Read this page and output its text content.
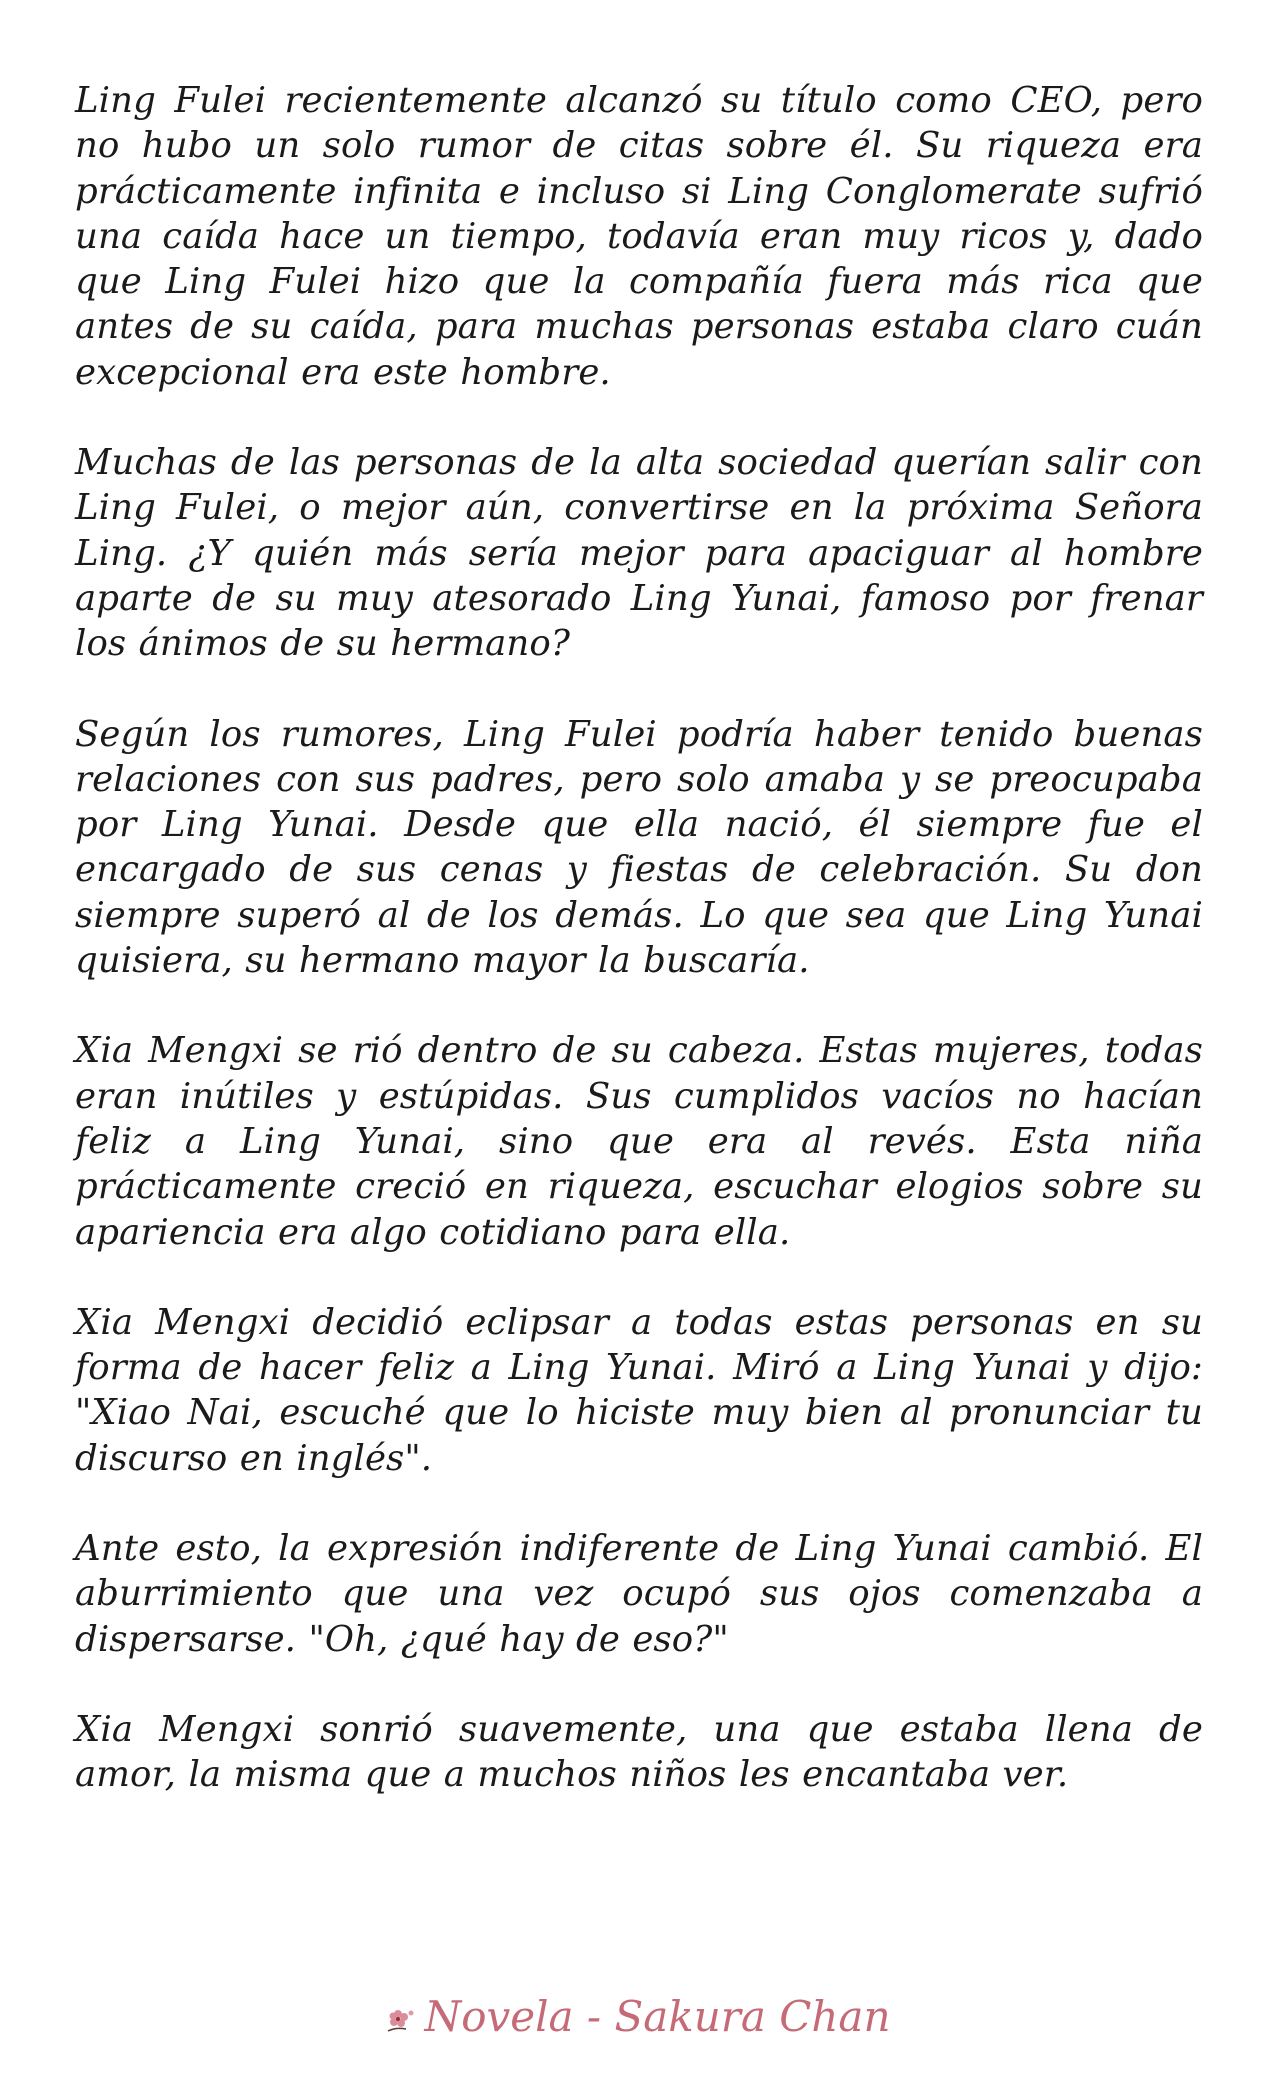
Ling Fulei recientemente alcanzó su título como CEO, pero no hubo un solo rumor de citas sobre él. Su riqueza era prácticamente infinita e incluso si Ling Conglomerate sufrió una caída hace un tiempo, todavía eran muy ricos y, dado que Ling Fulei hizo que la compañía fuera más rica que antes de su caída, para muchas personas estaba claro cuán excepcional era este hombre.

Muchas de las personas de la alta sociedad querían salir con Ling Fulei, o mejor aún, convertirse en la próxima Señora Ling. ¿Y quién más sería mejor para apaciguar al hombre aparte de su muy atesorado Ling Yunai, famoso por frenar los ánimos de su hermano?

Según los rumores, Ling Fulei podría haber tenido buenas relaciones con sus padres, pero solo amaba y se preocupaba por Ling Yunai. Desde que ella nació, él siempre fue el encargado de sus cenas y fiestas de celebración. Su don siempre superó al de los demás. Lo que sea que Ling Yunai quisiera, su hermano mayor la buscaría.

Xia Mengxi se rió dentro de su cabeza. Estas mujeres, todas eran inútiles y estúpidas. Sus cumplidos vacíos no hacían feliz a Ling Yunai, sino que era al revés. Esta niña prácticamente creció en riqueza, escuchar elogios sobre su apariencia era algo cotidiano para ella.

Xia Mengxi decidió eclipsar a todas estas personas en su forma de hacer feliz a Ling Yunai. Miró a Ling Yunai y dijo: "Xiao Nai, escuché que lo hiciste muy bien al pronunciar tu discurso en inglés".

Ante esto, la expresión indiferente de Ling Yunai cambió. El aburrimiento que una vez ocupó sus ojos comenzaba a dispersarse. "Oh, ¿qué hay de eso?"

Xia Mengxi sonrió suavemente, una que estaba llena de amor, la misma que a muchos niños les encantaba ver.

Novela - Sakura Chan
